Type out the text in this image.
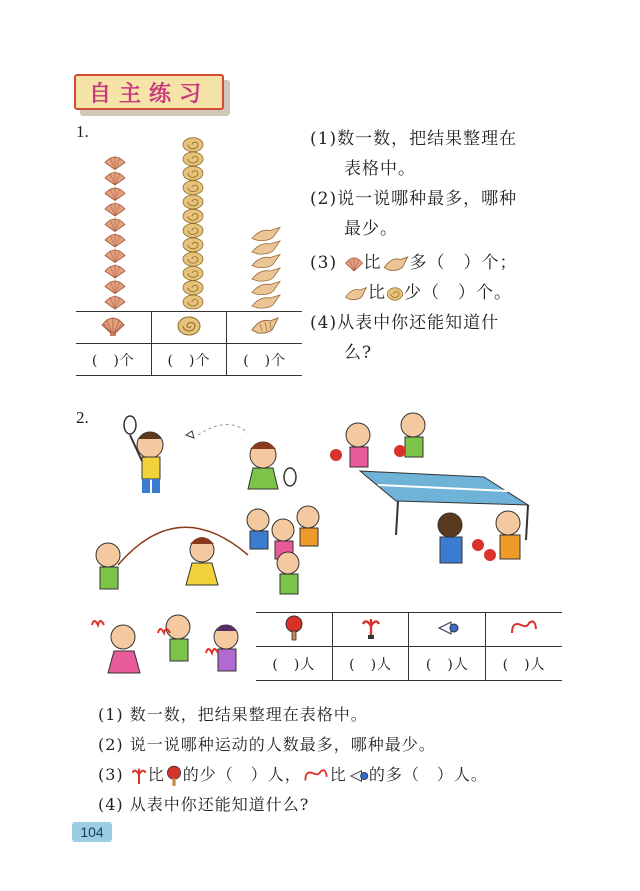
自主练习
1.

(　)个	(　)个	(　)个
(1)数一数，把结果整理在
表格中。
(2)说一说哪种最多，哪种
最少。
(3) 比 多（　）个；
比 少（　）个。
(4)从表中你还能知道什
么?
2.

(　)人	(　)人	(　)人	(　)人
(1) 数一数，把结果整理在表格中。
(2) 说一说哪种运动的人数最多，哪种最少。
(3) 比 的少（　）人， 比 的多（　）人。
(4) 从表中你还能知道什么?
104
